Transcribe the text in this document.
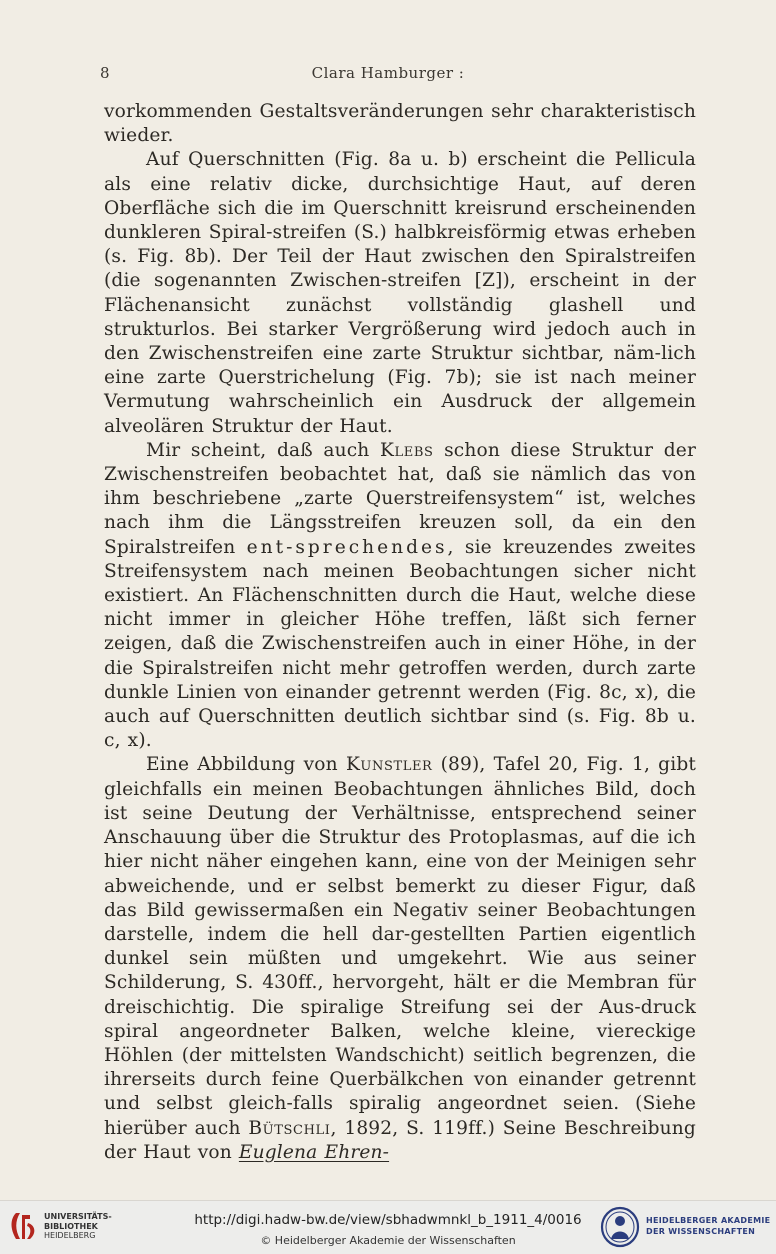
8	Clara Hamburger :

vorkommenden Gestaltsveränderungen sehr charakteristisch wieder.

Auf Querschnitten (Fig. 8a u. b) erscheint die Pellicula als eine relativ dicke, durchsichtige Haut, auf deren Oberfläche sich die im Querschnitt kreisrund erscheinenden dunkleren Spiral-streifen (S.) halbkreisförmig etwas erheben (s. Fig. 8b). Der Teil der Haut zwischen den Spiralstreifen (die sogenannten Zwischen-streifen [Z]), erscheint in der Flächenansicht zunächst vollständig glashell und strukturlos. Bei starker Vergrößerung wird jedoch auch in den Zwischenstreifen eine zarte Struktur sichtbar, näm-lich eine zarte Querstrichelung (Fig. 7b); sie ist nach meiner Vermutung wahrscheinlich ein Ausdruck der allgemein alveolären Struktur der Haut.

Mir scheint, daß auch Klebs schon diese Struktur der Zwischenstreifen beobachtet hat, daß sie nämlich das von ihm beschriebene „zarte Querstreifensystem“ ist, welches nach ihm die Längsstreifen kreuzen soll, da ein den Spiralstreifen ent-sprechendes, sie kreuzendes zweites Streifensystem nach meinen Beobachtungen sicher nicht existiert. An Flächenschnitten durch die Haut, welche diese nicht immer in gleicher Höhe treffen, läßt sich ferner zeigen, daß die Zwischenstreifen auch in einer Höhe, in der die Spiralstreifen nicht mehr getroffen werden, durch zarte dunkle Linien von einander getrennt werden (Fig. 8c, x), die auch auf Querschnitten deutlich sichtbar sind (s. Fig. 8b u. c, x).

Eine Abbildung von Kunstler (89), Tafel 20, Fig. 1, gibt gleichfalls ein meinen Beobachtungen ähnliches Bild, doch ist seine Deutung der Verhältnisse, entsprechend seiner Anschauung über die Struktur des Protoplasmas, auf die ich hier nicht näher eingehen kann, eine von der Meinigen sehr abweichende, und er selbst bemerkt zu dieser Figur, daß das Bild gewissermaßen ein Negativ seiner Beobachtungen darstelle, indem die hell dar-gestellten Partien eigentlich dunkel sein müßten und umgekehrt. Wie aus seiner Schilderung, S. 430ff., hervorgeht, hält er die Membran für dreischichtig. Die spiralige Streifung sei der Aus-druck spiral angeordneter Balken, welche kleine, viereckige Höhlen (der mittelsten Wandschicht) seitlich begrenzen, die ihrerseits durch feine Querbälkchen von einander getrennt und selbst gleich-falls spiralig angeordnet seien. (Siehe hierüber auch Bütschli, 1892, S. 119ff.) Seine Beschreibung der Haut von Euglena Ehren-

UNIVERSITÄTS-
BIBLIOTHEK
HEIDELBERG
http://digi.hadw-bw.de/view/sbhadwmnkl_b_1911_4/0016
© Heidelberger Akademie der Wissenschaften
HEIDELBERGER AKADEMIE
DER WISSENSCHAFTEN
